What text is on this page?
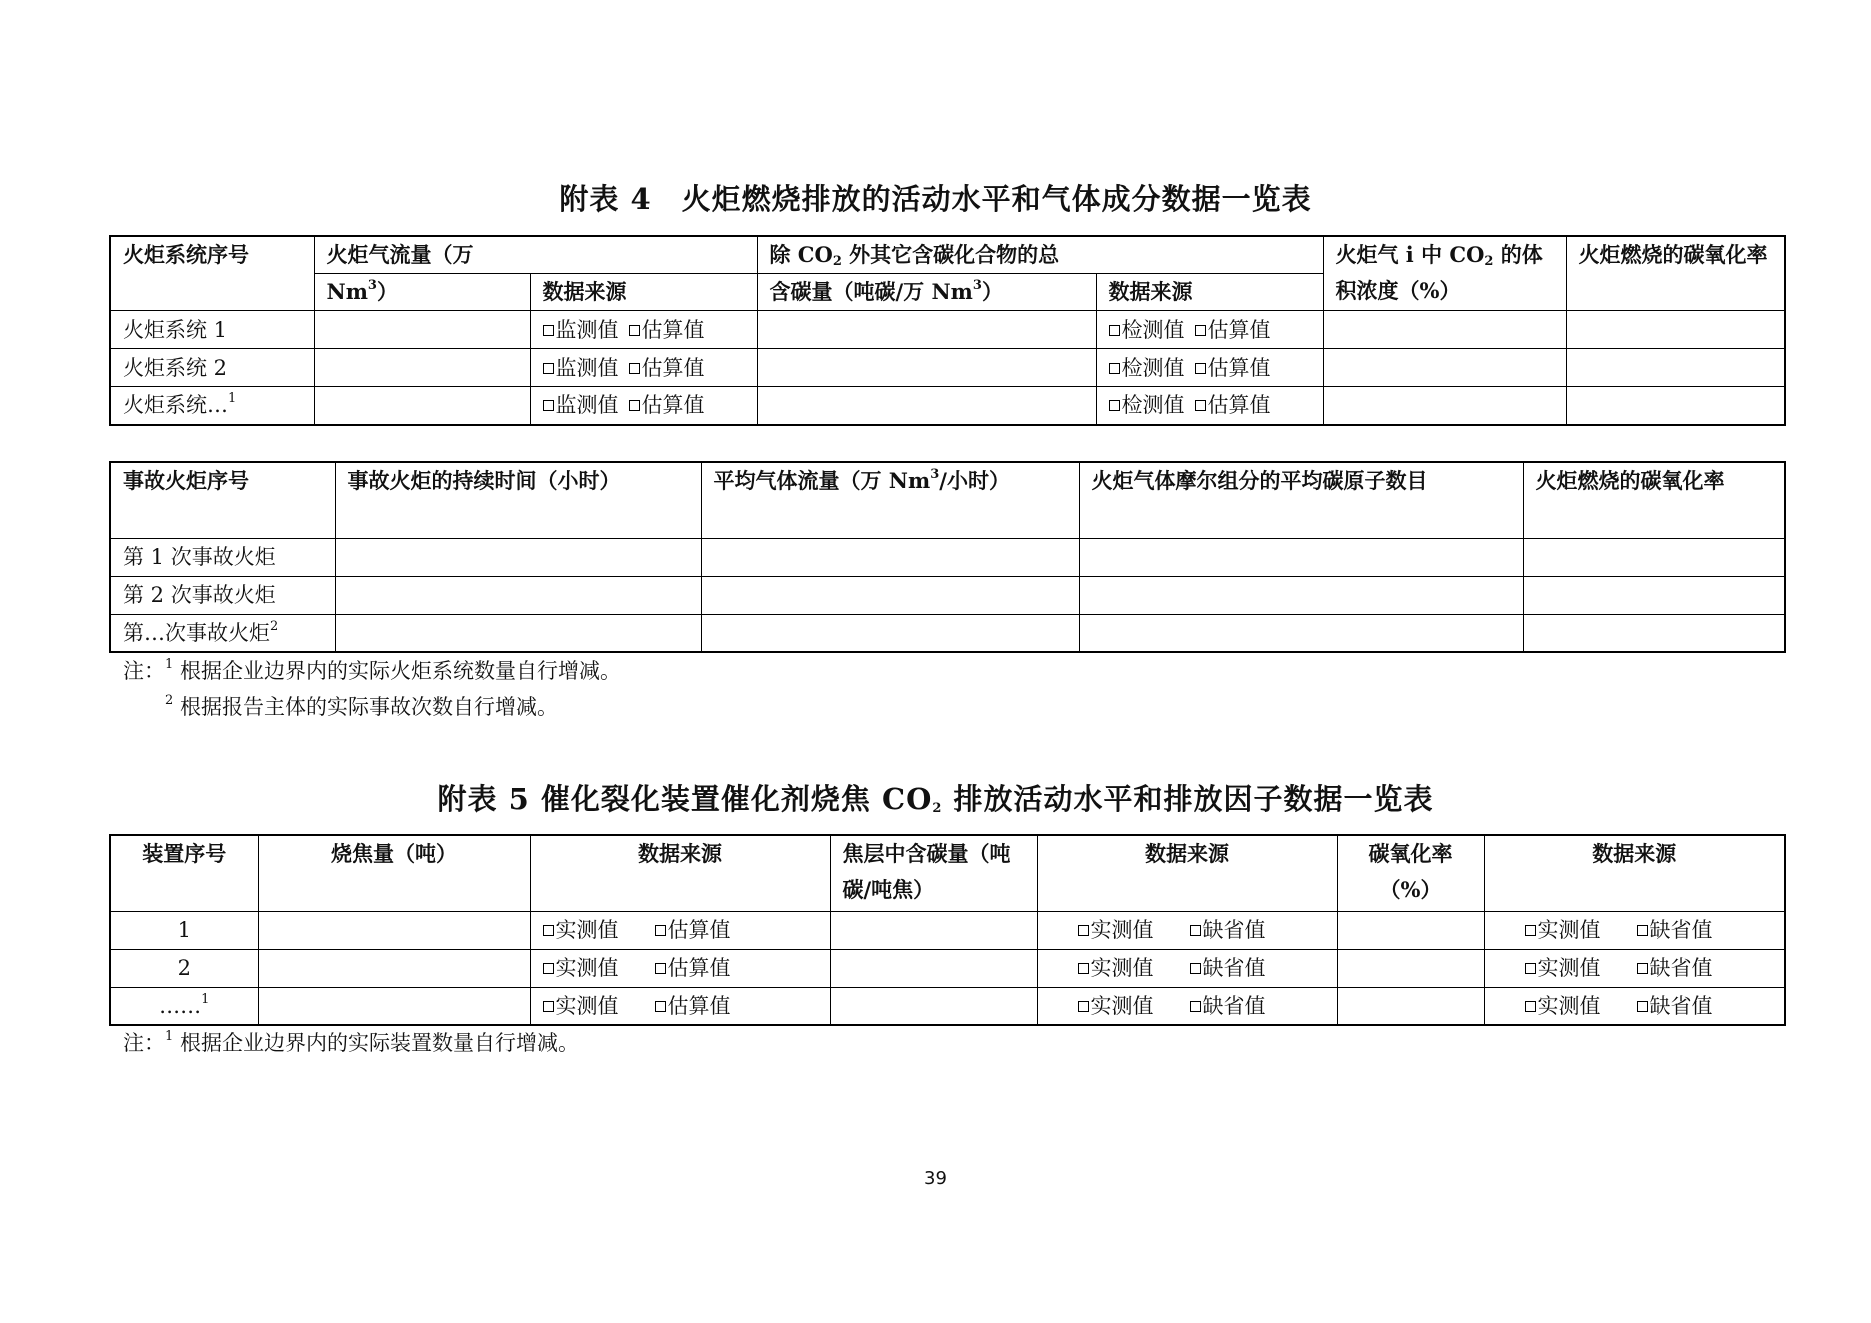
附表 4　火炬燃烧排放的活动水平和气体成分数据一览表
火炬系统序号	火炬气流量（万		除 $CO_2$ 外其它含碳化合物的总		火炬气 i 中 $CO_2$ 的体积浓度（%）	火炬燃烧的碳氧化率
	Nm$^3$）	数据来源	含碳量（吨碳/万 Nm$^3$）	数据来源		
火炬系统 1		监测值 估算值		检测值 估算值		
火炬系统 2		监测值 估算值		检测值 估算值		
火炬系统…$^1$		监测值 估算值		检测值 估算值		
事故火炬序号	事故火炬的持续时间（小时）	平均气体流量（万 Nm$^3$/小时）	火炬气体摩尔组分的平均碳原子数目	火炬燃烧的碳氧化率
第 1 次事故火炬				
第 2 次事故火炬				
第…次事故火炬$^2$				
注：$^1$ 根据企业边界内的实际火炬系统数量自行增减。
$^2$ 根据报告主体的实际事故次数自行增减。
附表 5 催化裂化装置催化剂烧焦 $CO_2$ 排放活动水平和排放因子数据一览表
装置序号	烧焦量（吨）	数据来源	焦层中含碳量（吨碳/吨焦）	数据来源	碳氧化率（%）	数据来源
1		实测值 估算值		实测值 缺省值		实测值 缺省值
2		实测值 估算值		实测值 缺省值		实测值 缺省值
……$^1$		实测值 估算值		实测值 缺省值		实测值 缺省值
注：$^1$ 根据企业边界内的实际装置数量自行增减。
39
